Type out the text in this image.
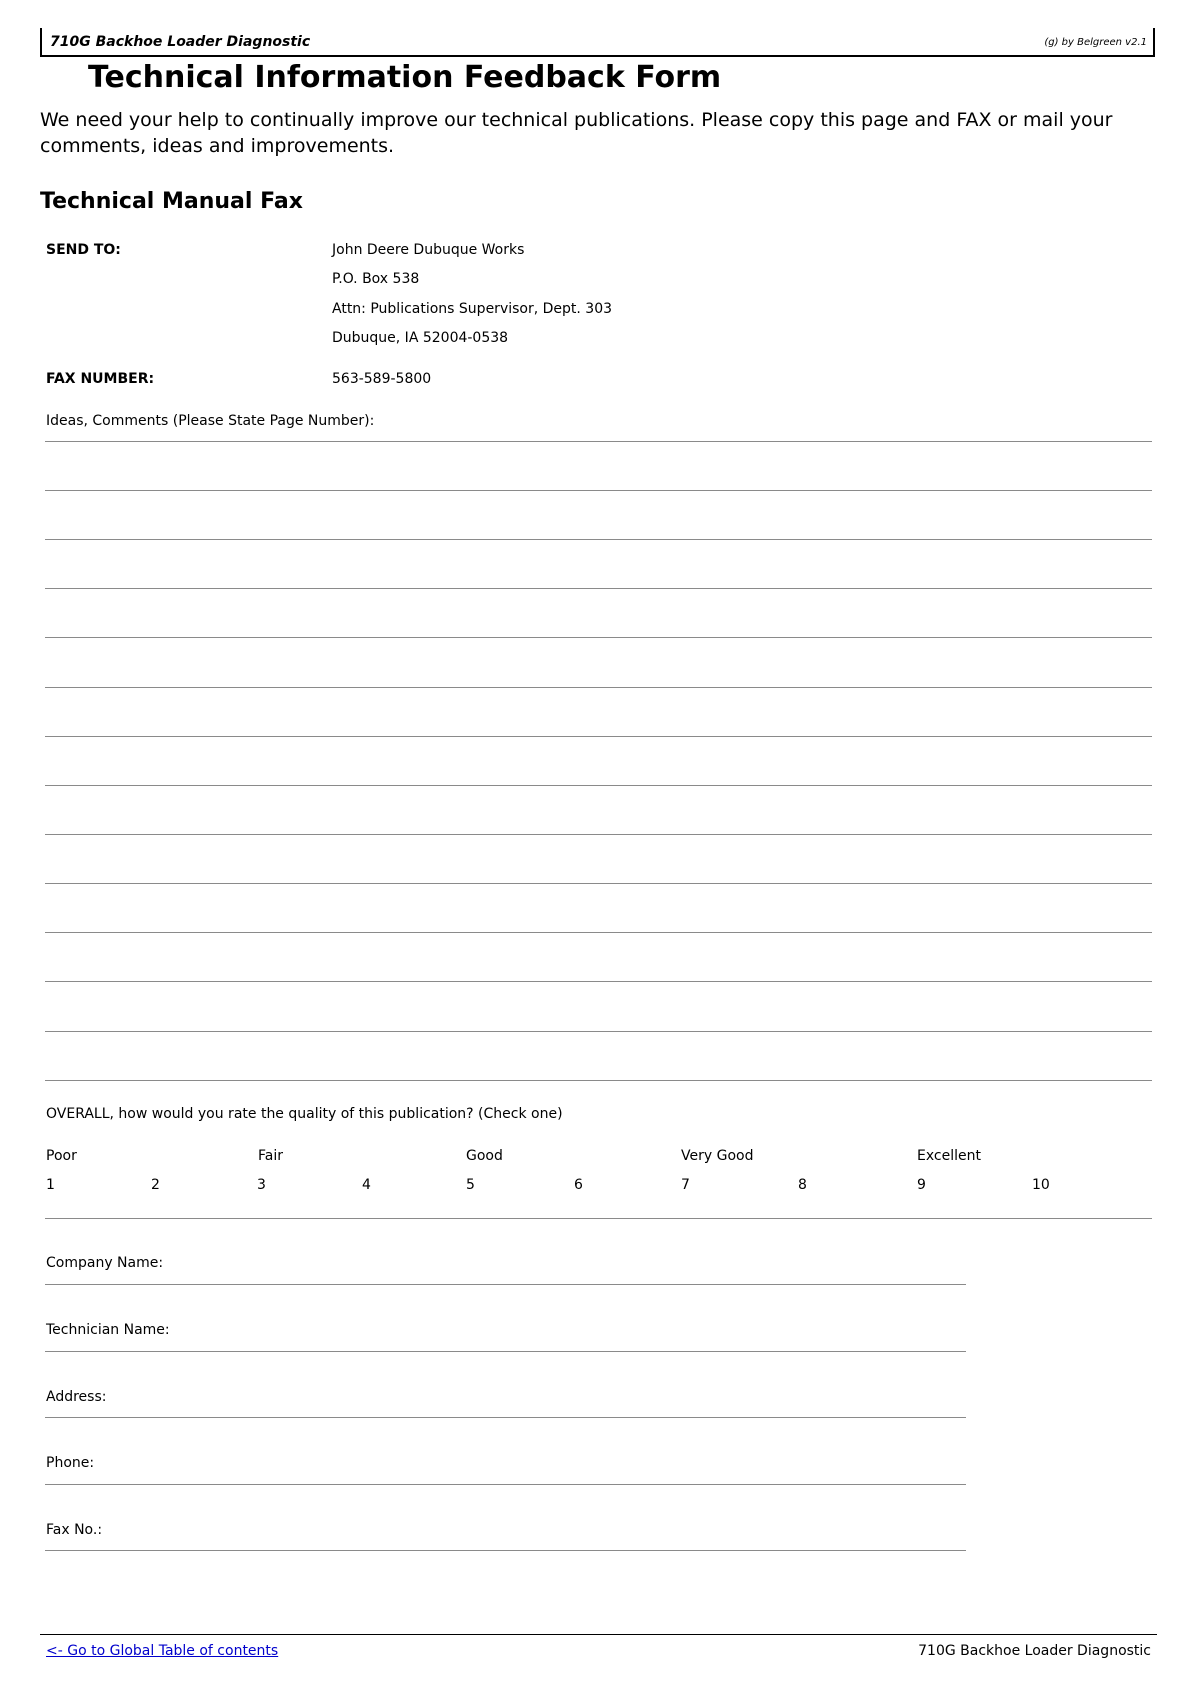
710G Backhoe Loader Diagnostic	(g) by Belgreen v2.1
Technical Information Feedback Form
We need your help to continually improve our technical publications. Please copy this page and FAX or mail your comments, ideas and improvements.
Technical Manual Fax
SEND TO:	John Deere Dubuque Works
P.O. Box 538
Attn: Publications Supervisor, Dept. 303
Dubuque, IA 52004-0538
FAX NUMBER:	563-589-5800
Ideas, Comments (Please State Page Number):
OVERALL, how would you rate the quality of this publication? (Check one)
Poor	Fair	Good	Very Good	Excellent
1	2	3	4	5	6	7	8	9	10
Company Name:
Technician Name:
Address:
Phone:
Fax No.:
<- Go to Global Table of contents	710G Backhoe Loader Diagnostic
